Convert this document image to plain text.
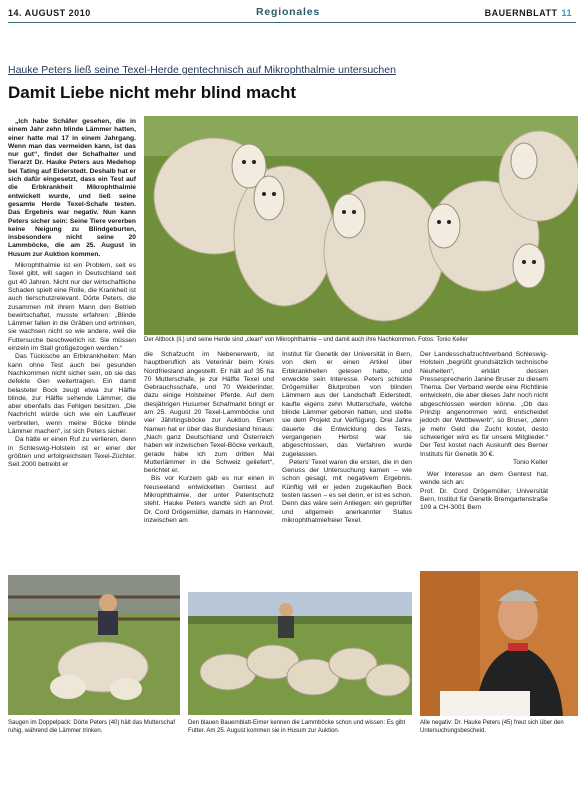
14. AUGUST 2010	Regionales	BAUERNBLATT 11
Hauke Peters ließ seine Texel-Herde gentechnisch auf Mikrophthalmie untersuchen
Damit Liebe nicht mehr blind macht

„Ich habe Schäfer gesehen, die in einem Jahr zehn blinde Lämmer hatten, einer hatte mal 17 in einem Jahrgang. Wenn man das vermeiden kann, ist das nur gut“, findet der Schafhalter und Tierarzt Dr. Hauke Peters aus Medehop bei Tating auf Eiderstedt. Deshalb hat er sich dafür eingesetzt, dass ein Test auf die Erbkrankheit Mikrophthalmie entwickelt wurde, und ließ seine gesamte Herde Texel-Schafe testen. Das Ergebnis war negativ. Nun kann Peters sicher sein: Seine Tiere vererben keine Neigung zu Blindgeburten, insbesondere nicht seine 20 Lammböcke, die am 25. August in Husum zur Auktion kommen.

Mikrophthalmie ist ein Problem, seit es Texel gibt, will sagen in Deutschland seit gut 40 Jahren. Nicht nur der wirtschaftliche Schaden spielt eine Rolle, die Krankheit ist auch tierschutzrelevant. Dörte Peters, die zusammen mit ihrem Mann den Betrieb bewirtschaftet, musste erfahren: „Blinde Lämmer fallen in die Gräben und ertrinken, sie wachsen nicht so wie andere, weil die Futtersuche beschwerlich ist. Sie müssen einzeln im Stall großgezogen werden.“

Das Tückische an Erbkrankheiten: Man kann ohne Test auch bei gesunden Nachkommen nicht sicher sein, ob sie das defekte Gen weitertragen. Ein damit belasteter Bock zeugt etwa zur Hälfte blinde, zur Hälfte sehende Lämmer, die aber ebenfalls das Fehlgen besitzen. „Die Nachricht würde sich wie ein Lauffeuer verbreiten, wenn meine Böcke blinde Lämmer machen“, ist sich Peters sicher.

Da hätte er einen Ruf zu verlieren, denn in Schleswig-Holstein ist er einer der größten und erfolgreichsten Texel-Züchter. Seit 2000 betreibt er

Der Altbock (li.) und seine Herde sind „clean“ von Mikrophthalmie – und damit auch ihre Nachkommen. Fotos: Tonio Keller

die Schafzucht im Nebenerwerb, ist hauptberuflich als Veterinär beim Kreis Nordfriesland angestellt. Er hält auf 35 ha 70 Mutterschafe, je zur Hälfte Texel und Gebrauchsschafe, und 70 Weiderinder, dazu einige Holsteiner Pferde. Auf dem diesjährigen Husumer Schafmarkt bringt er am 25. August 20 Texel-Lammböcke und vier Jährlingsböcke zur Auktion. Einen Namen hat er über das Bundesland hinaus: „Nach ganz Deutschland und Österreich haben wir inzwischen Texel-Böcke verkauft, gerade habe ich zum dritten Mal Mutterlämmer in die Schweiz geliefert“, berichtet er.

Bis vor Kurzem gab es nur einen in Neuseeland entwickelten Gentest auf Mikrophthalmie, der unter Patentschutz steht. Hauke Peters wandte sich an Prof. Dr. Cord Drögemüller, damals in Hannover, inzwischen am

Institut für Genetik der Universität in Bern, von dem er einen Artikel über Erbkrankheiten gelesen hatte, und erweckte sein Interesse. Peters schickte Drögemüller Blutproben von blinden Lämmern aus der Landschaft Eiderstedt, kaufte eigens zehn Mutterschafe, welche blinde Lämmer geboren hatten, und stellte sie dem Projekt zur Verfügung. Drei Jahre dauerte die Entwicklung des Tests, vergangenen Herbst war sie abgeschlossen, das Verfahren wurde zugelassen.

Peters' Texel waren die ersten, die in den Genuss der Untersuchung kamen – wie schon gesagt, mit negativem Ergebnis. Künftig will er jeden zugekauften Bock testen lassen – es sei denn, er ist es schon. Denn das wäre sein Anliegen: ein geprüfter und allgemein anerkannter Status mikrophthalmiefreier Texel.

Der Landesschafzuchtverband Schleswig-Holstein „begrüßt grundsätzlich technische Neuheiten“, erklärt dessen Pressesprecherin Janine Bruser zu diesem Thema. Der Verband werde eine Richtlinie entwickeln, die aber dieses Jahr noch nicht abgeschlossen werden könne. „Ob das Prinzip angenommen wird, entscheidet jedoch der Wettbewerb“, so Bruser, „denn je mehr Geld die Zucht kostet, desto schwieriger wird es für unsere Mitglieder.“ Der Test kostet nach Auskunft des Berner Instituts für Genetik 30 €.

Tonio Keller

Wer Interesse an dem Gentest hat, wende sich an:

Prof. Dr. Cord Drögemüller, Universität Bern, Institut für Genetik Bremgartenstraße 109 a CH-3001 Bern

Saugen im Doppelpack: Dörte Peters (40) hält das Mutterschaf ruhig, während die Lämmer trinken.
Den blauen Bauernblatt-Eimer kennen die Lammböcke schon und wissen: Es gibt Futter. Am 25. August kommen sie in Husum zur Auktion.
Alle negativ: Dr. Hauke Peters (45) freut sich über den Untersuchungsbescheid.
